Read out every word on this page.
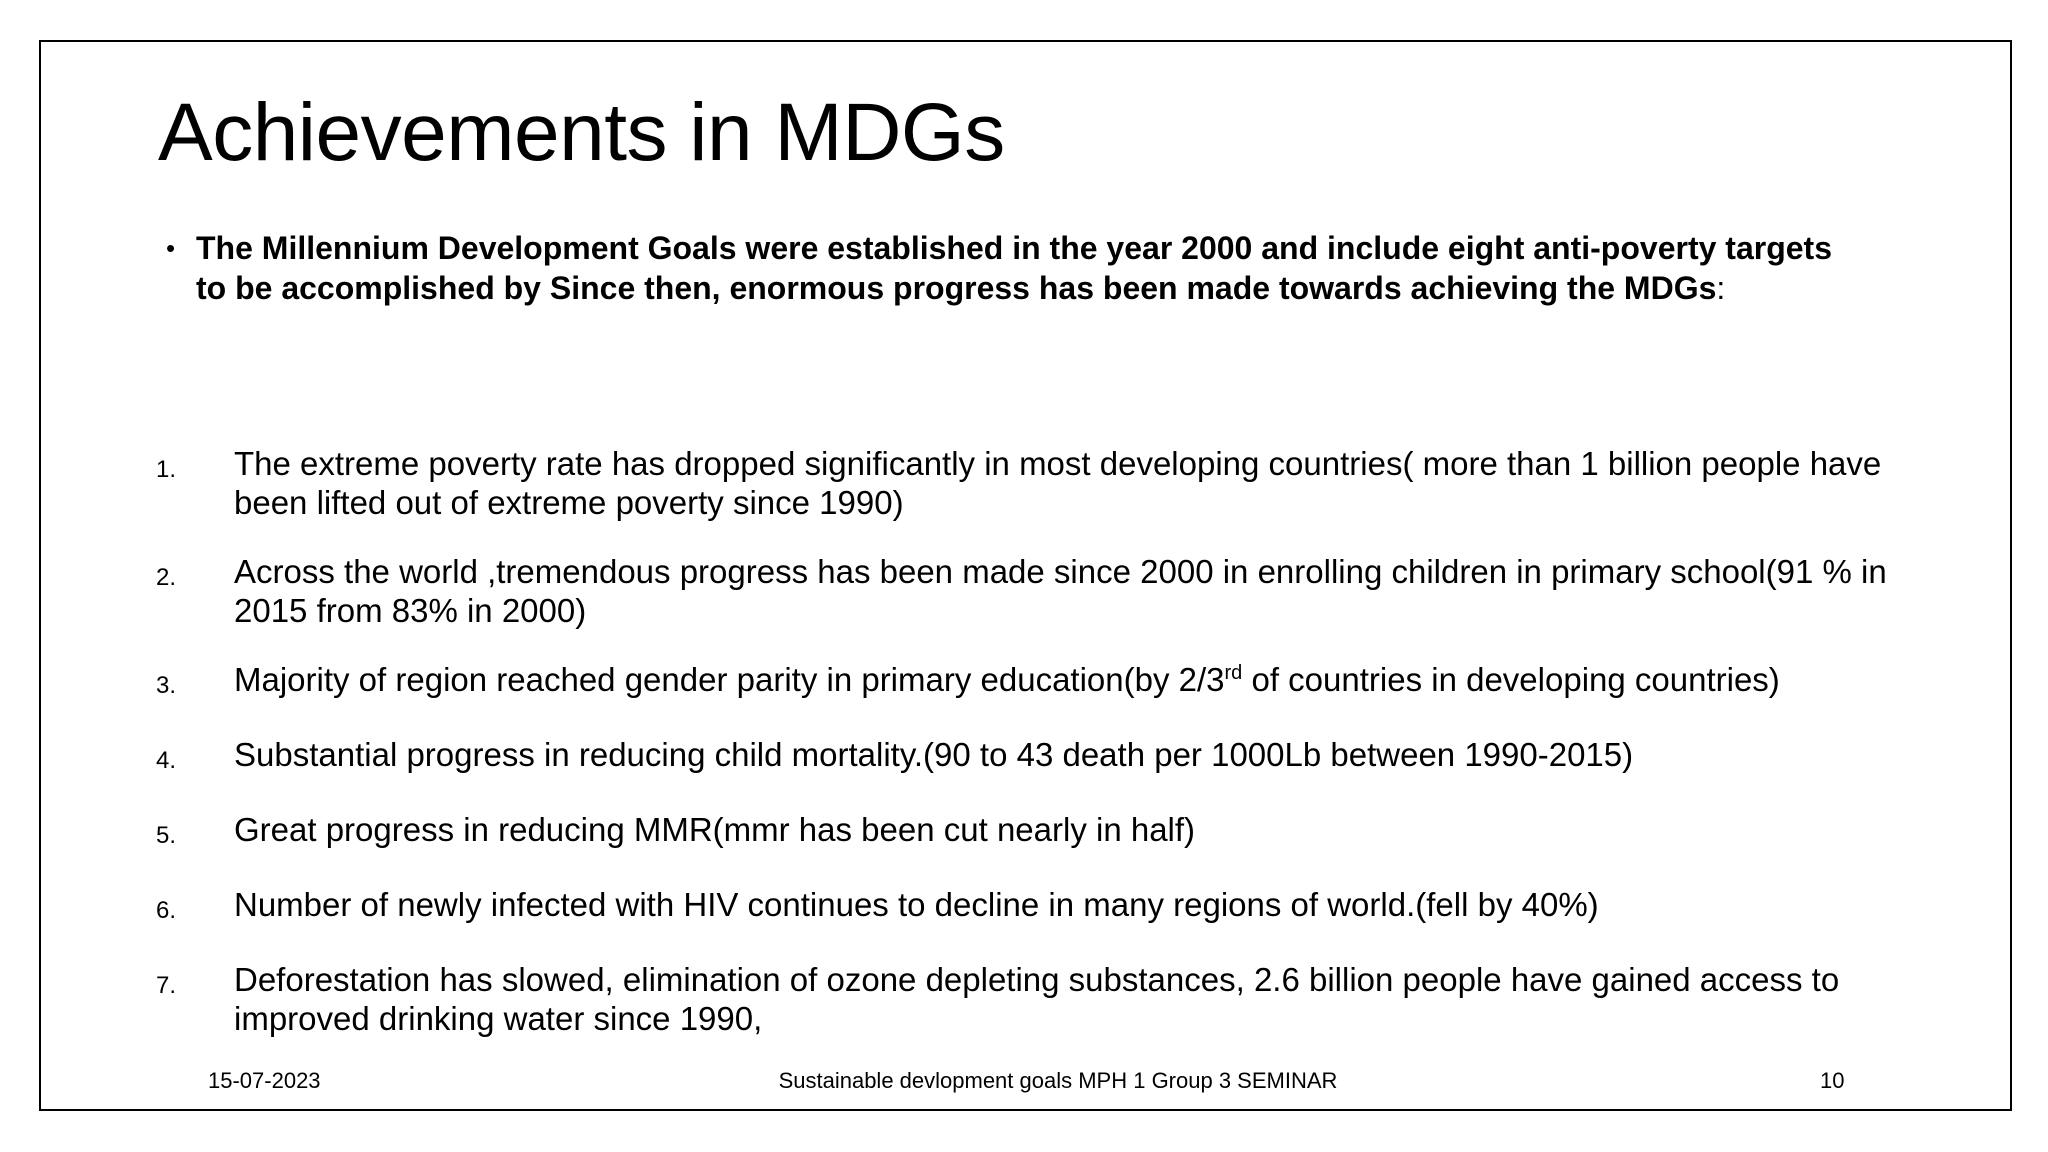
Achievements in MDGs
• The Millennium Development Goals were established in the year 2000 and include eight anti-poverty targets to be accomplished by Since then, enormous progress has been made towards achieving the MDGs:
1.	The extreme poverty rate has dropped significantly in most developing countries( more than 1 billion people have been lifted out of extreme poverty since 1990)
2.	Across the world ,tremendous progress has been made since 2000 in enrolling children in primary school(91 % in 2015 from 83% in 2000)
3.	Majority of region reached gender parity in primary education(by 2/3rd of countries in developing countries)
4.	Substantial progress in reducing child mortality.(90 to 43 death per 1000Lb between 1990-2015)
5.	Great progress in reducing MMR(mmr has been cut nearly in half)
6.	Number of newly infected with HIV continues to decline in many regions of world.(fell by 40%)
7.	Deforestation has slowed, elimination of ozone depleting substances, 2.6 billion people have gained access to improved drinking water since 1990,
15-07-2023	Sustainable devlopment goals MPH 1 Group 3 SEMINAR	10
